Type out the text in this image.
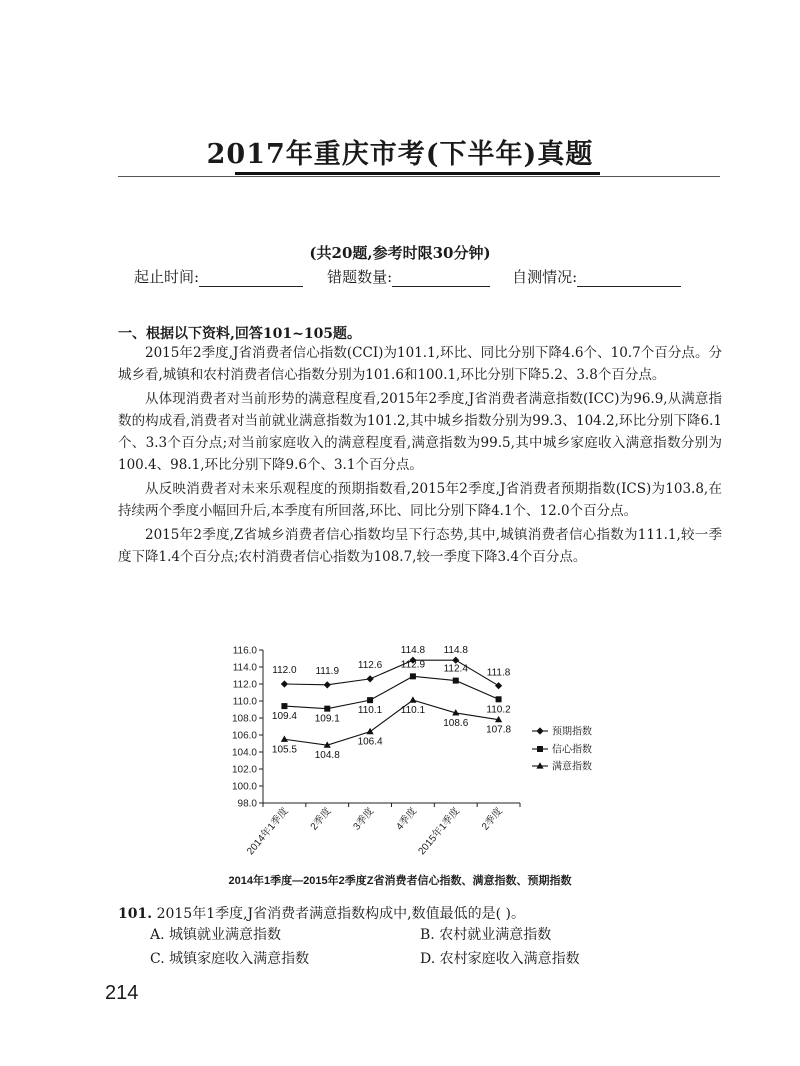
2017年重庆市考(下半年)真题
(共20题,参考时限30分钟)
起止时间:	错题数量:	自测情况:
一、根据以下资料,回答101~105题。

2015年2季度,J省消费者信心指数(CCI)为101.1,环比、同比分别下降4.6个、10.7个百分点。分城乡看,城镇和农村消费者信心指数分别为101.6和100.1,环比分别下降5.2、3.8个百分点。

从体现消费者对当前形势的满意程度看,2015年2季度,J省消费者满意指数(ICC)为96.9,从满意指数的构成看,消费者对当前就业满意指数为101.2,其中城乡指数分别为99.3、104.2,环比分别下降6.1个、3.3个百分点;对当前家庭收入的满意程度看,满意指数为99.5,其中城乡家庭收入满意指数分别为100.4、98.1,环比分别下降9.6个、3.1个百分点。

从反映消费者对未来乐观程度的预期指数看,2015年2季度,J省消费者预期指数(ICS)为103.8,在持续两个季度小幅回升后,本季度有所回落,环比、同比分别下降4.1个、12.0个百分点。

2015年2季度,Z省城乡消费者信心指数均呈下行态势,其中,城镇消费者信心指数为111.1,较一季度下降1.4个百分点;农村消费者信心指数为108.7,较一季度下降3.4个百分点。

98.0
100.0
102.0
104.0
106.0
108.0
110.0
112.0
114.0
116.0
2014年1季度 2季度 3季度 4季度
2015年1季度 2季度
112.0 111.9
112.6
114.8 114.8
111.8
109.4 109.1
110.1
112.9 112.4
110.2
105.5
104.8
106.4
110.1
108.6
107.8	预期指数
信心指数
满意指数
2014年1季度—2015年2季度Z省消费者信心指数、满意指数、预期指数
101. 2015年1季度,J省消费者满意指数构成中,数值最低的是( )。
A. 城镇就业满意指数	B. 农村就业满意指数
C. 城镇家庭收入满意指数	D. 农村家庭收入满意指数
214
